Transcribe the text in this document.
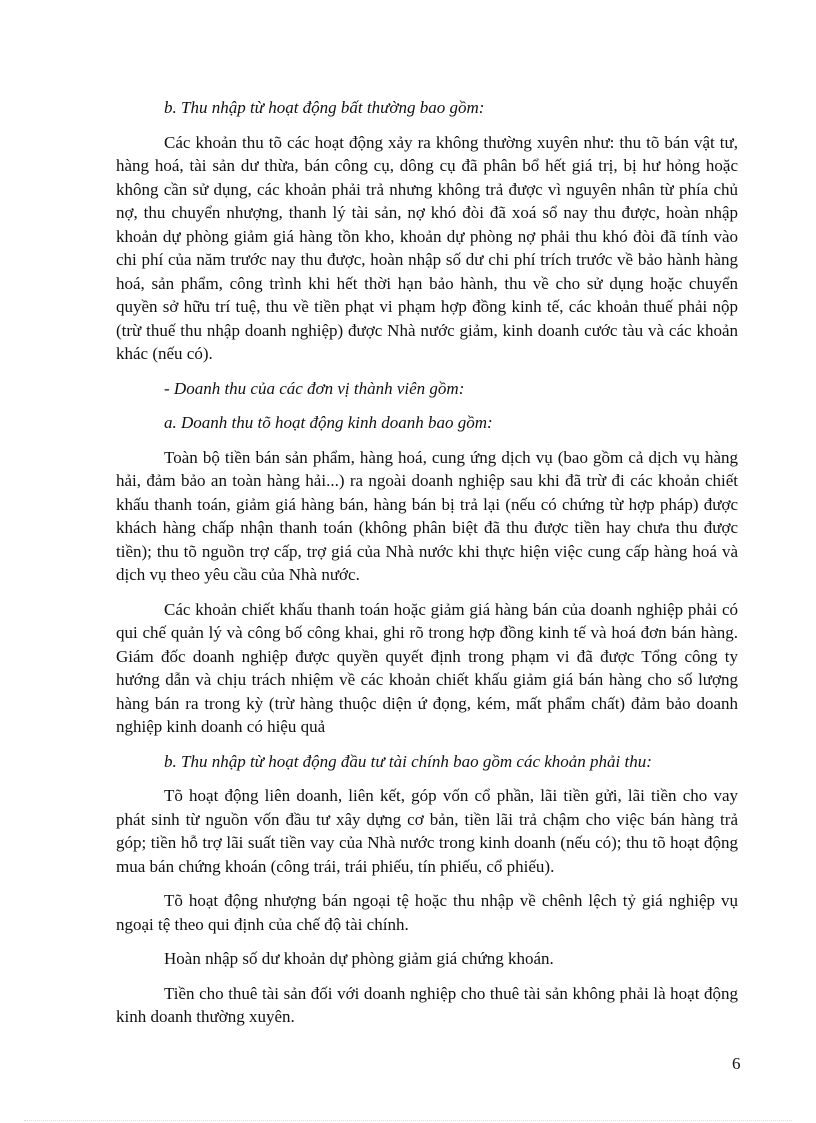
b. Thu nhập từ hoạt động bất thường bao gồm:

Các khoản thu tõ các hoạt động xảy ra không thường xuyên như: thu tõ bán vật tư, hàng hoá, tài sản dư thừa, bán công cụ, dông cụ đã phân bổ hết giá trị, bị hư hỏng hoặc không cần sử dụng, các khoản phải trả nhưng không trả được vì nguyên nhân từ phía chủ nợ, thu chuyển nhượng, thanh lý tài sản, nợ khó đòi đã xoá sổ nay thu được, hoàn nhập khoản dự phòng giảm giá hàng tồn kho, khoản dự phòng nợ phải thu khó đòi đã tính vào chi phí của năm trước nay thu được, hoàn nhập số dư chi phí trích trước về bảo hành hàng hoá, sản phẩm, công trình khi hết thời hạn bảo hành, thu về cho sử dụng hoặc chuyển quyền sở hữu trí tuệ, thu về tiền phạt vi phạm hợp đồng kinh tế, các khoản thuế phải nộp (trừ thuế thu nhập doanh nghiệp) được Nhà nước giảm, kinh doanh cước tàu và các khoản khác (nếu có).

- Doanh thu của các đơn vị thành viên gồm:

a. Doanh thu tõ hoạt động kinh doanh bao gồm:

Toàn bộ tiền bán sản phẩm, hàng hoá, cung ứng dịch vụ (bao gồm cả dịch vụ hàng hải, đảm bảo an toàn hàng hải...) ra ngoài doanh nghiệp sau khi đã trừ đi các khoản chiết khấu thanh toán, giảm giá hàng bán, hàng bán bị trả lại (nếu có chứng từ hợp pháp) được khách hàng chấp nhận thanh toán (không phân biệt đã thu được tiền hay chưa thu được tiền); thu tõ nguồn trợ cấp, trợ giá của Nhà nước khi thực hiện việc cung cấp hàng hoá và dịch vụ theo yêu cầu của Nhà nước.

Các khoản chiết khấu thanh toán hoặc giảm giá hàng bán của doanh nghiệp phải có qui chế quản lý và công bố công khai, ghi rõ trong hợp đồng kinh tế và hoá đơn bán hàng. Giám đốc doanh nghiệp được quyền quyết định trong phạm vi đã được Tổng công ty hướng dẫn và chịu trách nhiệm về các khoản chiết khấu giảm giá bán hàng cho số lượng hàng bán ra trong kỳ (trừ hàng thuộc diện ứ đọng, kém, mất phẩm chất) đảm bảo doanh nghiệp kinh doanh có hiệu quả

b. Thu nhập từ hoạt động đầu tư tài chính bao gồm các khoản phải thu:

Tõ hoạt động liên doanh, liên kết, góp vốn cổ phần, lãi tiền gửi, lãi tiền cho vay phát sinh từ nguồn vốn đầu tư xây dựng cơ bản, tiền lãi trả chậm cho việc bán hàng trả góp; tiền hỗ trợ lãi suất tiền vay của Nhà nước trong kinh doanh (nếu có); thu tõ hoạt động mua bán chứng khoán (công trái, trái phiếu, tín phiếu, cổ phiếu).

Tõ hoạt động nhượng bán ngoại tệ hoặc thu nhập về chênh lệch tỷ giá nghiệp vụ ngoại tệ theo qui định của chế độ tài chính.

Hoàn nhập số dư khoản dự phòng giảm giá chứng khoán.

Tiền cho thuê tài sản đối với doanh nghiệp cho thuê tài sản không phải là hoạt động kinh doanh thường xuyên.

6
